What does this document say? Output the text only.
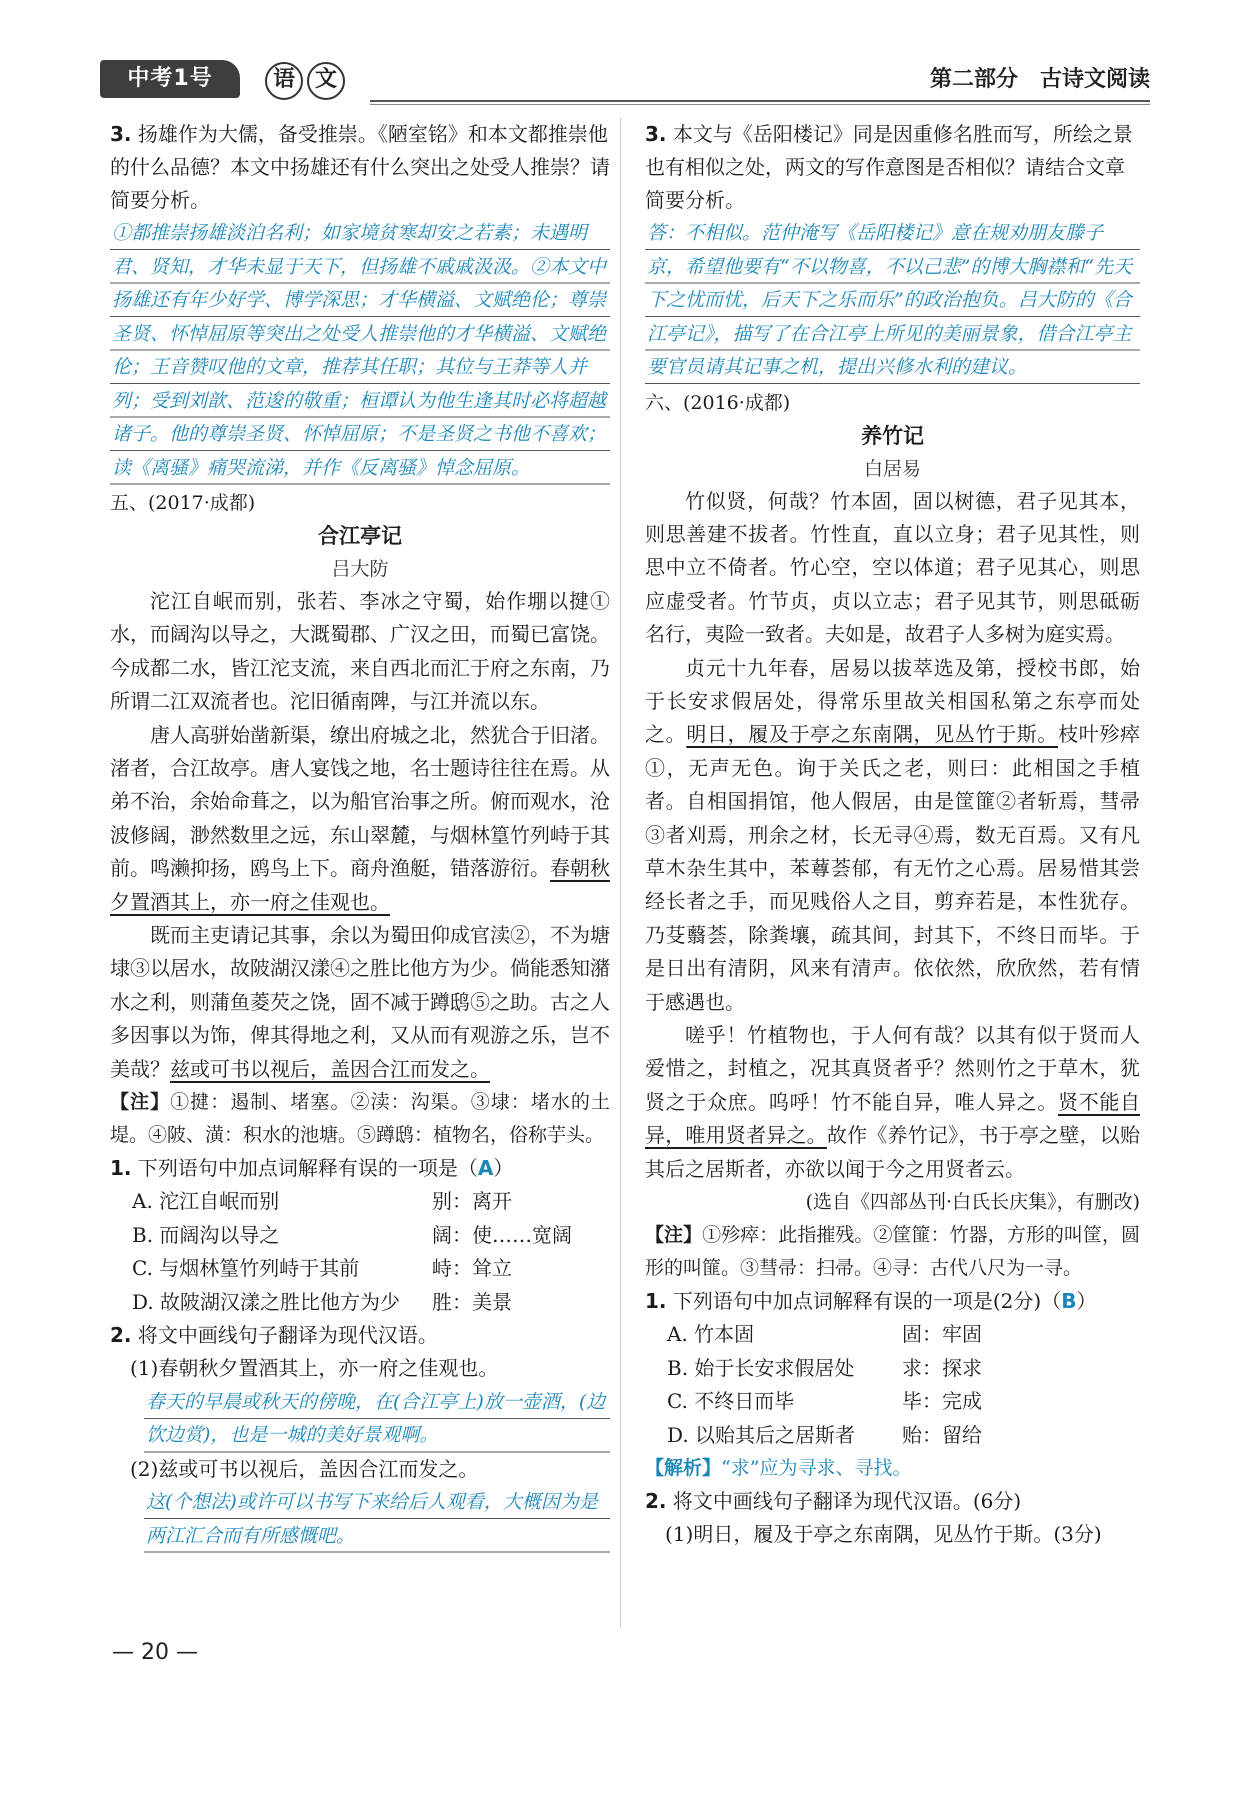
中考1号	语 文	第二部分　古诗文阅读

3. 扬雄作为大儒，备受推崇。《陋室铭》和本文都推崇他的什么品德？本文中扬雄还有什么突出之处受人推崇？请简要分析。

①都推崇扬雄淡泊名利；如家境贫寒却安之若素；未遇明君、贤知，才华未显于天下，但扬雄不戚戚汲汲。②本文中扬雄还有年少好学、博学深思；才华横溢、文赋绝伦；尊崇圣贤、怀悼屈原等突出之处受人推崇他的才华横溢、文赋绝伦；王音赞叹他的文章，推荐其任职；其位与王莽等人并列；受到刘歆、范逡的敬重；桓谭认为他生逢其时必将超越诸子。他的尊崇圣贤、怀悼屈原；不是圣贤之书他不喜欢；读《离骚》痛哭流涕，并作《反离骚》悼念屈原。

五、(2017·成都)

合江亭记

吕大防

沱江自岷而别，张若、李冰之守蜀，始作堋以揵①水，而阔沟以导之，大溉蜀郡、广汉之田，而蜀已富饶。今成都二水，皆江沱支流，来自西北而汇于府之东南，乃所谓二江双流者也。沱旧循南陴，与江并流以东。

唐人高骈始凿新渠，缭出府城之北，然犹合于旧渚。渚者，合江故亭。唐人宴饯之地，名士题诗往往在焉。从弟不治，余始命葺之，以为船官治事之所。俯而观水，沧波修阔，渺然数里之远，东山翠麓，与烟林篁竹列峙于其前。鸣濑抑扬，鸥鸟上下。商舟渔艇，错落游衍。春朝秋夕置酒其上，亦一府之佳观也。

既而主吏请记其事，余以为蜀田仰成官渎②，不为塘埭③以居水，故陂湖汉漾④之胜比他方为少。倘能悉知潴水之利，则蒲鱼菱芡之饶，固不减于蹲鸱⑤之助。古之人多因事以为饰，俾其得地之利，又从而有观游之乐，岂不美哉？兹或可书以视后，盖因合江而发之。

【注】①揵：遏制、堵塞。②渎：沟渠。③埭：堵水的土堤。④陂、潢：积水的池塘。⑤蹲鸱：植物名，俗称芋头。

1. 下列语句中加点词解释有误的一项是（A）

A. 沱江自岷而别	别：离开

B. 而阔沟以导之	阔：使……宽阔

C. 与烟林篁竹列峙于其前	峙：耸立

D. 故陂湖汉漾之胜比他方为少	胜：美景

2. 将文中画线句子翻译为现代汉语。

(1)春朝秋夕置酒其上，亦一府之佳观也。

春天的早晨或秋天的傍晚，在(合江亭上)放一壶酒，(边饮边赏)，也是一城的美好景观啊。

(2)兹或可书以视后，盖因合江而发之。

这(个想法)或许可以书写下来给后人观看，大概因为是两江汇合而有所感慨吧。

3. 本文与《岳阳楼记》同是因重修名胜而写，所绘之景也有相似之处，两文的写作意图是否相似？请结合文章简要分析。

答：不相似。范仲淹写《岳阳楼记》意在规劝朋友滕子京，希望他要有“不以物喜，不以己悲”的博大胸襟和“先天下之忧而忧，后天下之乐而乐”的政治抱负。吕大防的《合江亭记》，描写了在合江亭上所见的美丽景象，借合江亭主要官员请其记事之机，提出兴修水利的建议。

六、(2016·成都)

养竹记

白居易

竹似贤，何哉？竹本固，固以树德，君子见其本，则思善建不拔者。竹性直，直以立身；君子见其性，则思中立不倚者。竹心空，空以体道；君子见其心，则思应虚受者。竹节贞，贞以立志；君子见其节，则思砥砺名行，夷险一致者。夫如是，故君子人多树为庭实焉。

贞元十九年春，居易以拔萃选及第，授校书郎，始于长安求假居处，得常乐里故关相国私第之东亭而处之。明日，履及于亭之东南隅，见丛竹于斯。枝叶殄瘁①，无声无色。询于关氏之老，则曰：此相国之手植者。自相国捐馆，他人假居，由是筐篚②者斩焉，彗帚③者刈焉，刑余之材，长无寻④焉，数无百焉。又有凡草木杂生其中，苯䔿荟郁，有无竹之心焉。居易惜其尝经长者之手，而见贱俗人之目，剪弃若是，本性犹存。乃芟蘙荟，除粪壤，疏其间，封其下，不终日而毕。于是日出有清阴，风来有清声。依依然，欣欣然，若有情于感遇也。

嗟乎！竹植物也，于人何有哉？以其有似于贤而人爱惜之，封植之，况其真贤者乎？然则竹之于草木，犹贤之于众庶。呜呼！竹不能自异，唯人异之。贤不能自异，唯用贤者异之。故作《养竹记》，书于亭之壁，以贻其后之居斯者，亦欲以闻于今之用贤者云。

(选自《四部丛刊·白氏长庆集》，有删改)

【注】①殄瘁：此指摧残。②筐篚：竹器，方形的叫筐，圆形的叫篚。③彗帚：扫帚。④寻：古代八尺为一寻。

1. 下列语句中加点词解释有误的一项是(2分)（B）

A. 竹本固	固：牢固

B. 始于长安求假居处	求：探求

C. 不终日而毕	毕：完成

D. 以贻其后之居斯者	贻：留给

【解析】“求”应为寻求、寻找。

2. 将文中画线句子翻译为现代汉语。(6分)

(1)明日，履及于亭之东南隅，见丛竹于斯。(3分)

— 20 —
